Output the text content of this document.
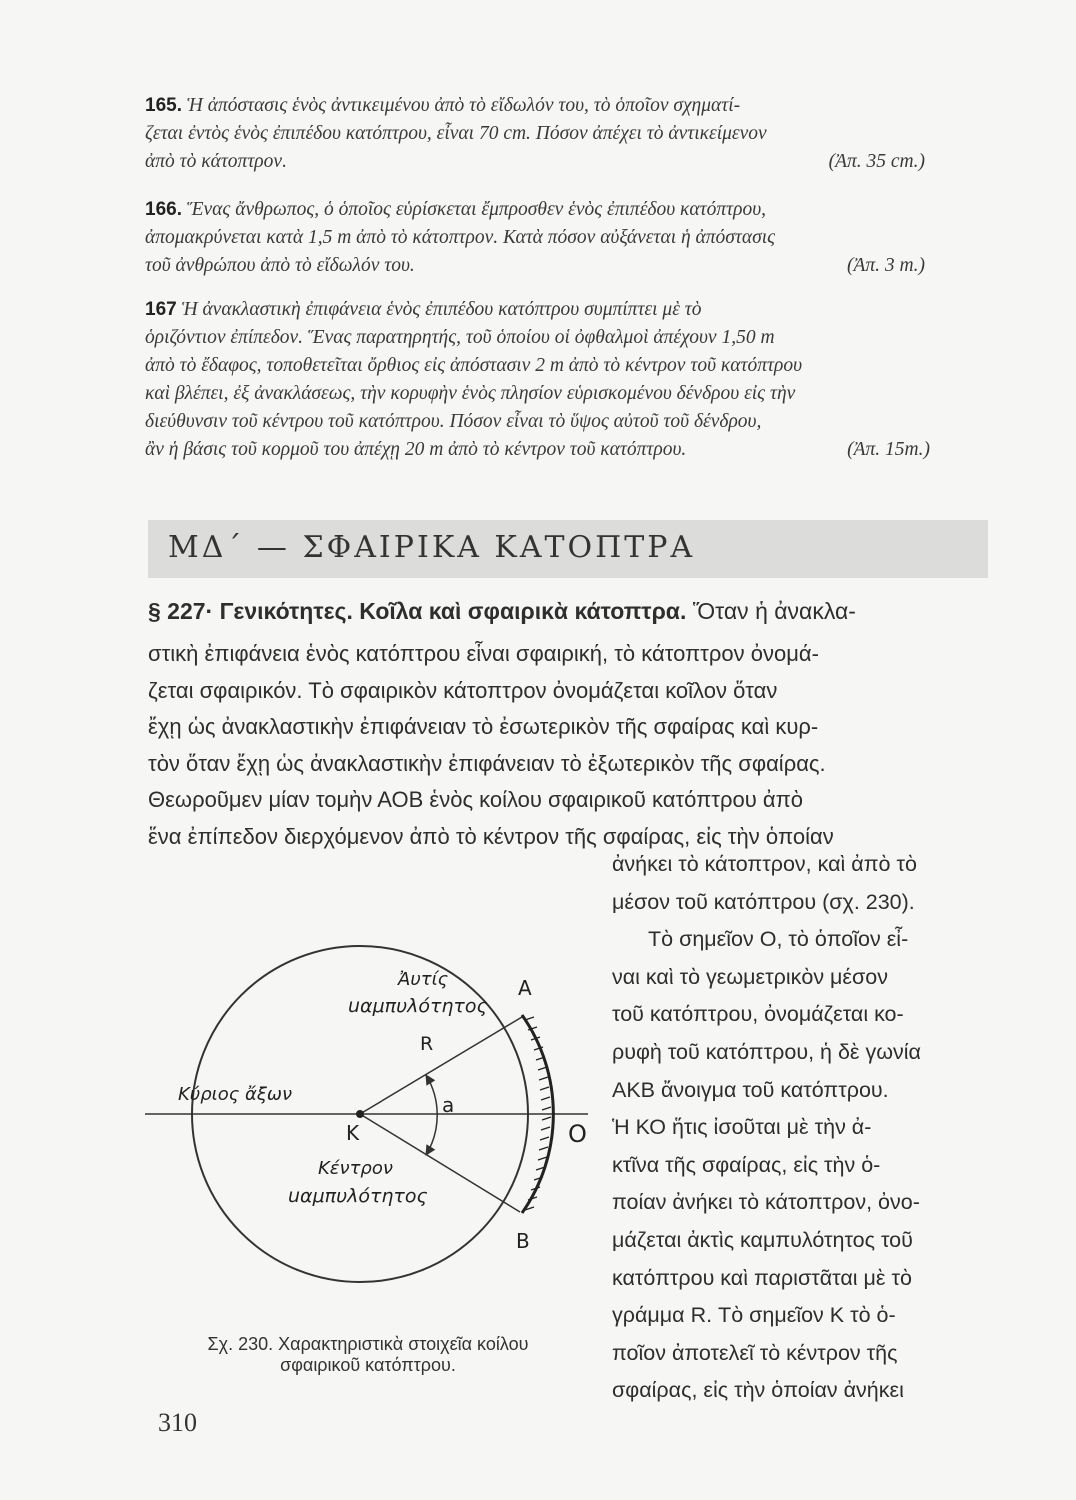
165. Ἡ ἀπόστασις ἑνὸς ἀντικειμένου ἀπὸ τὸ εἴδωλόν του, τὸ ὁποῖον σχηματί-
ζεται ἐντὸς ἑνὸς ἐπιπέδου κατόπτρου, εἶναι 70 cm. Πόσον ἀπέχει τὸ ἀντικείμενον
ἀπὸ τὸ κάτοπτρον.	(Ἀπ. 35 cm.)
166. Ἕνας ἄνθρωπος, ὁ ὁποῖος εὑρίσκεται ἔμπροσθεν ἑνὸς ἐπιπέδου κατόπτρου,
ἀπομακρύνεται κατὰ 1,5 m ἀπὸ τὸ κάτοπτρον. Κατὰ πόσον αὐξάνεται ἡ ἀπόστασις
τοῦ ἀνθρώπου ἀπὸ τὸ εἴδωλόν του.	(Ἀπ. 3 m.)
167 Ἡ ἀνακλαστικὴ ἐπιφάνεια ἑνὸς ἐπιπέδου κατόπτρου συμπίπτει μὲ τὸ
ὁριζόντιον ἐπίπεδον. Ἕνας παρατηρητής, τοῦ ὁποίου οἱ ὀφθαλμοὶ ἀπέχουν 1,50 m
ἀπὸ τὸ ἔδαφος, τοποθετεῖται ὄρθιος εἰς ἀπόστασιν 2 m ἀπὸ τὸ κέντρον τοῦ κατόπτρου
καὶ βλέπει, ἐξ ἀνακλάσεως, τὴν κορυφὴν ἑνὸς πλησίον εὑρισκομένου δένδρου εἰς τὴν
διεύθυνσιν τοῦ κέντρου τοῦ κατόπτρου. Πόσον εἶναι τὸ ὕψος αὐτοῦ τοῦ δένδρου,
ἂν ἡ βάσις τοῦ κορμοῦ του ἀπέχῃ 20 m ἀπὸ τὸ κέντρον τοῦ κατόπτρου.	(Ἀπ. 15m.)
ΜΔ΄ — ΣΦΑΙΡΙΚΑ ΚΑΤΟΠΤΡΑ
§ 227· Γενικότητες. Κοῖλα καὶ σφαιρικὰ κάτοπτρα. Ὅταν ἡ ἀνακλα-
στικὴ ἐπιφάνεια ἑνὸς κατόπτρου εἶναι σφαιρική, τὸ κάτοπτρον ὀνομά-
ζεται σφαιρικόν. Τὸ σφαιρικὸν κάτοπτρον ὀνομάζεται κοῖλον ὅταν
ἔχῃ ὡς ἀνακλαστικὴν ἐπιφάνειαν τὸ ἐσωτερικὸν τῆς σφαίρας καὶ κυρ-
τὸν ὅταν ἔχῃ ὡς ἀνακλαστικὴν ἐπιφάνειαν τὸ ἐξωτερικὸν τῆς σφαίρας.
Θεωροῦμεν μίαν τομὴν ΑΟΒ ἑνὸς κοίλου σφαιρικοῦ κατόπτρου ἀπὸ
ἕνα ἐπίπεδον διερχόμενον ἀπὸ τὸ κέντρον τῆς σφαίρας, εἰς τὴν ὁποίαν
ἀνήκει τὸ κάτοπτρον, καὶ ἀπὸ τὸ
μέσον τοῦ κατόπτρου (σχ. 230).
Τὸ σημεῖον Ο, τὸ ὁποῖον εἶ-
ναι καὶ τὸ γεωμετρικὸν μέσον
τοῦ κατόπτρου, ὀνομάζεται κο-
ρυφὴ τοῦ κατόπτρου, ἡ δὲ γωνία
ΑΚΒ ἄνοιγμα τοῦ κατόπτρου.
Ἡ ΚΟ ἥτις ἰσοῦται μὲ τὴν ἀ-
κτῖνα τῆς σφαίρας, εἰς τὴν ὁ-
ποίαν ἀνήκει τὸ κάτοπτρον, ὀνο-
μάζεται ἀκτὶς καμπυλότητος τοῦ
κατόπτρου καὶ παριστᾶται μὲ τὸ
γράμμα R. Τὸ σημεῖον Κ τὸ ὁ-
ποῖον ἀποτελεῖ τὸ κέντρον τῆς
σφαίρας, εἰς τὴν ὁποίαν ἀνήκει
Ἀυτίς
uαμπυλότητος
Κύριος ἄξων
Κέντρον
uαμπυλότητος
K
R
a
A
B
O
Σχ. 230. Χαρακτηριστικὰ στοιχεῖα κοίλου
σφαιρικοῦ κατόπτρου.
310
